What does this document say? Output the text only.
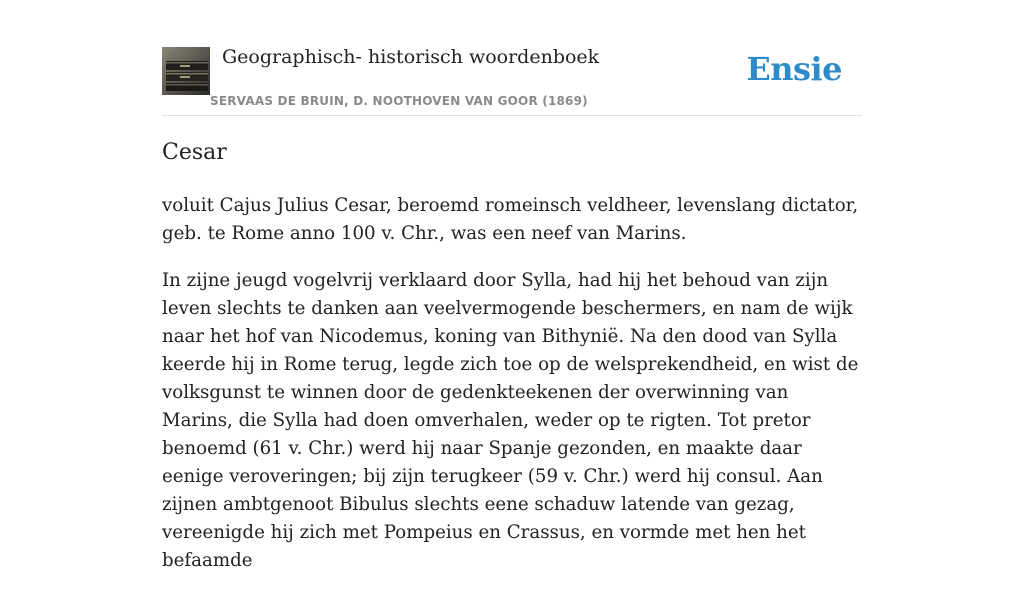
Geographisch- historisch woordenboek
SERVAAS DE BRUIN, D. NOOTHOVEN VAN GOOR (1869)
Ensie
Cesar

voluit Cajus Julius Cesar, beroemd romeinsch veldheer, levenslang dictator, geb. te Rome anno 100 v. Chr., was een neef van Marins.

In zijne jeugd vogelvrij verklaard door Sylla, had hij het behoud van zijn leven slechts te danken aan veelvermogende beschermers, en nam de wijk naar het hof van Nicodemus, koning van Bithynië. Na den dood van Sylla keerde hij in Rome terug, legde zich toe op de welsprekendheid, en wist de volksgunst te winnen door de gedenkteekenen der overwinning van Marins, die Sylla had doen omverhalen, weder op te rigten. Tot pretor benoemd (61 v. Chr.) werd hij naar Spanje gezonden, en maakte daar eenige veroveringen; bij zijn terugkeer (59 v. Chr.) werd hij consul. Aan zijnen ambtgenoot Bibulus slechts eene schaduw latende van gezag, vereenigde hij zich met Pompeius en Crassus, en vormde met hen het befaamde
